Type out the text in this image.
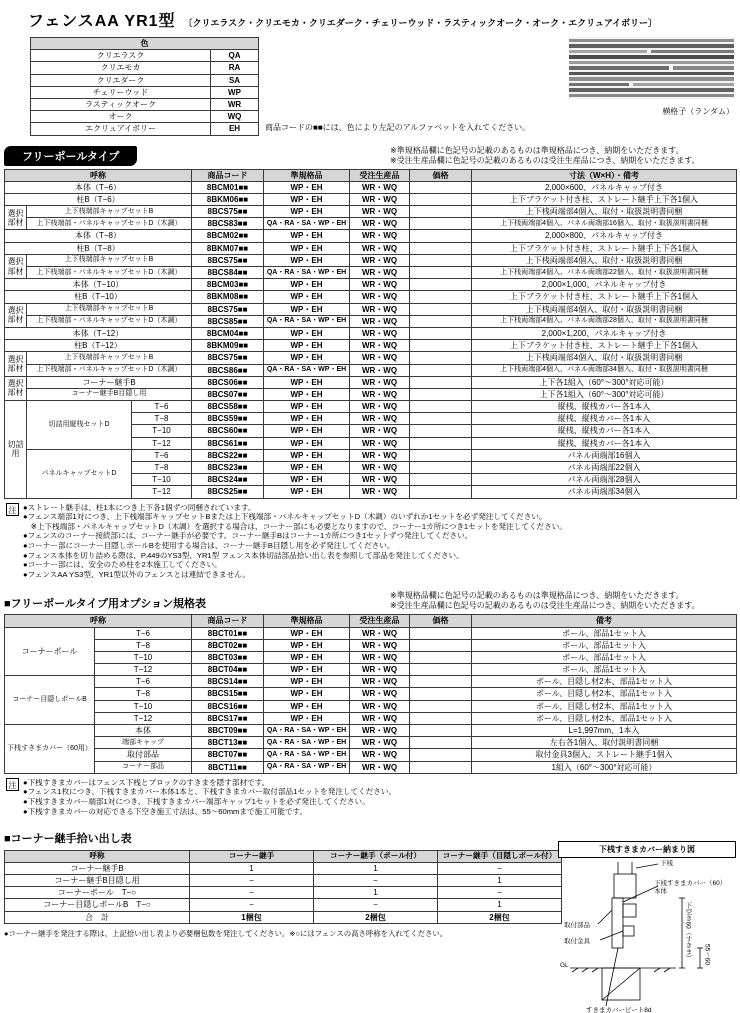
フェンスAA YR1型 〔クリエラスク・クリエモカ・クリエダーク・チェリーウッド・ラスティックオーク・オーク・エクリュアイボリー〕
色	
クリエラスク	QA
クリエモカ	RA
クリエダーク	SA
チェリーウッド	WP
ラスティックオーク	WR
オーク	WQ
エクリュアイボリー	EH	商品コードの■■には、色により左記のアルファベットを入れてください。
横格子（ランダム）
フリーポールタイプ
※準規格品欄に色記号の記載のあるものは準規格品につき、納期をいただきます。
※受注生産品欄に色記号の記載のあるものは受注生産品につき、納期をいただきます。
呼称			商品コード	準規格品	受注生産品	価格	寸法（W×H）・備考
本体（T−6）			8BCM01■■	WP・EH	WR・WQ		2,000×600、パネルキャップ付き
柱B（T−6）			8BKM06■■	WP・EH	WR・WQ		上下ブラケット付き柱、ストレート継手上下各1個入
選択部材	上下桟端部キャップセットB		8BCS75■■	WP・EH	WR・WQ		上下桟両端部4個入、取付・取扱説明書同梱
	上下桟端部・パネルキャップセットD（木調）		8BCS83■■	QA・RA・SA・WP・EH	WR・WQ		上下桟両端部4個入、パネル両端部16個入、取付・取扱説明書同梱
本体（T−8）			8BCM02■■	WP・EH	WR・WQ		2,000×800、パネルキャップ付き
柱B（T−8）			8BKM07■■	WP・EH	WR・WQ		上下ブラケット付き柱、ストレート継手上下各1個入
選択部材	上下桟端部キャップセットB		8BCS75■■	WP・EH	WR・WQ		上下桟両端部4個入、取付・取扱説明書同梱
	上下桟端部・パネルキャップセットD（木調）		8BCS84■■	QA・RA・SA・WP・EH	WR・WQ		上下桟両端部4個入、パネル両端部22個入、取付・取扱説明書同梱
本体（T−10）			8BCM03■■	WP・EH	WR・WQ		2,000×1,000、パネルキャップ付き
柱B（T−10）			8BKM08■■	WP・EH	WR・WQ		上下ブラケット付き柱、ストレート継手上下各1個入
選択部材	上下桟端部キャップセットB		8BCS75■■	WP・EH	WR・WQ		上下桟両端部4個入、取付・取扱説明書同梱
	上下桟端部・パネルキャップセットD（木調）		8BCS85■■	QA・RA・SA・WP・EH	WR・WQ		上下桟両端部4個入、パネル両端部28個入、取付・取扱説明書同梱
本体（T−12）			8BCM04■■	WP・EH	WR・WQ		2,000×1,200、パネルキャップ付き
柱B（T−12）			8BKM09■■	WP・EH	WR・WQ		上下ブラケット付き柱、ストレート継手上下各1個入
選択部材	上下桟端部キャップセットB		8BCS75■■	WP・EH	WR・WQ		上下桟両端部4個入、取付・取扱説明書同梱
	上下桟端部・パネルキャップセットD（木調）		8BCS86■■	QA・RA・SA・WP・EH	WR・WQ		上下桟両端部4個入、パネル両端部34個入、取付・取扱説明書同梱
選択部材	コーナー継手B		8BCS06■■	WP・EH	WR・WQ		上下各1組入（60°〜300°対応可能）
	コーナー継手B目隠し用		8BCS07■■	WP・EH	WR・WQ		上下各1組入（60°〜300°対応可能）
切詰用	切詰用縦桟セットD	T−6	8BCS58■■	WP・EH	WR・WQ		縦桟、縦桟カバー各1本入
		T−8	8BCS59■■	WP・EH	WR・WQ		縦桟、縦桟カバー各1本入
		T−10	8BCS60■■	WP・EH	WR・WQ		縦桟、縦桟カバー各1本入
		T−12	8BCS61■■	WP・EH	WR・WQ		縦桟、縦桟カバー各1本入
	パネルキャップセットD	T−6	8BCS22■■	WP・EH	WR・WQ		パネル両端部16個入
		T−8	8BCS23■■	WP・EH	WR・WQ		パネル両端部22個入
		T−10	8BCS24■■	WP・EH	WR・WQ		パネル両端部28個入
		T−12	8BCS25■■	WP・EH	WR・WQ		パネル両端部34個入
注 ●ストレート継手は、柱1本につき上下各1個ずつ同梱されています。
●フェンス端部1対につき、上下桟端部キャップセットBまたは上下桟端部・パネルキャップセットD（木調）のいずれか1セットを必ず発注してください。
　※上下桟端部・パネルキャップセットD（木調）を選択する場合は、コーナー部にも必要となりますので、コーナー1カ所につき1セットを発注してください。
●フェンスのコーナー接続部には、コーナー継手が必要です。コーナー継手Bはコーナー1カ所につき1セットずつ発注してください。
●コーナー部にコーナー目隠しポールBを使用する場合は、コーナー継手B目隠し用を必ず発注してください。
●フェンス本体を切り詰める際は、P.449のYS3型、YR1型 フェンス本体切詰部品拾い出し表を参照して部品を発注してください。
●コーナー部には、安全のため柱を2本施工してください。
●フェンスAA YS3型、YR1型以外のフェンスとは連結できません。
■フリーポールタイプ用オプション規格表
※準規格品欄に色記号の記載のあるものは準規格品につき、納期をいただきます。
※受注生産品欄に色記号の記載のあるものは受注生産品につき、納期をいただきます。
呼称		商品コード	準規格品	受注生産品	価格	備考
コーナーポール	T−6	8BCT01■■	WP・EH	WR・WQ		ポール、部品1セット入
	T−8	8BCT02■■	WP・EH	WR・WQ		ポール、部品1セット入
	T−10	8BCT03■■	WP・EH	WR・WQ		ポール、部品1セット入
	T−12	8BCT04■■	WP・EH	WR・WQ		ポール、部品1セット入
コーナー目隠しポールB	T−6	8BCS14■■	WP・EH	WR・WQ		ポール、目隠し材2本、部品1セット入
	T−8	8BCS15■■	WP・EH	WR・WQ		ポール、目隠し材2本、部品1セット入
	T−10	8BCS16■■	WP・EH	WR・WQ		ポール、目隠し材2本、部品1セット入
	T−12	8BCS17■■	WP・EH	WR・WQ		ポール、目隠し材2本、部品1セット入
下桟すきまカバー（60用）	本体	8BCT09■■	QA・RA・SA・WP・EH	WR・WQ		L=1,997mm、1本入
	端部キャップ	8BCT13■■	QA・RA・SA・WP・EH	WR・WQ		左右各1個入、取付説明書同梱
	取付部品	8BCT07■■	QA・RA・SA・WP・EH	WR・WQ		取付金具3個入、ストレート継手1個入
	コーナー部品	8BCT11■■	QA・RA・SA・WP・EH	WR・WQ		1組入（60°〜300°対応可能）
注 ●下桟すきまカバーはフェンス下桟とブロックのすきまを隠す部材です。
●フェンス1枚につき、下桟すきまカバー本体1本と、下桟すきまカバー取付部品1セットを発注してください。
●下桟すきまカバー端部1対につき、下桟すきまカバー端部キャップ1セットを必ず発注してください。
●下桟すきまカバーの対応できる下空き施工寸法は、55〜60mmまで施工可能です。
■コーナー継手拾い出し表
呼称	コーナー継手	コーナー継手（ポール付）	コーナー継手（目隠しポール付）
コーナー継手B	1	1	−
コーナー継手B目隠し用	−	−	1
コーナーポール　T−○	−	1	−
コーナー目隠しポールB　T−○	−	−	1
合　計	1梱包	2梱包	2梱包
●コーナー継手を発注する際は、上記拾い出し表より必要梱包数を発注してください。※○にはフェンスの高さ呼称を入れてください。
下桟すきまカバー納まり図
下桟
下桟すきまカバー（60）本体
取付部品
取付金具
GL
すきまカバーピート8d
下空き60（すきま） 55〜60
